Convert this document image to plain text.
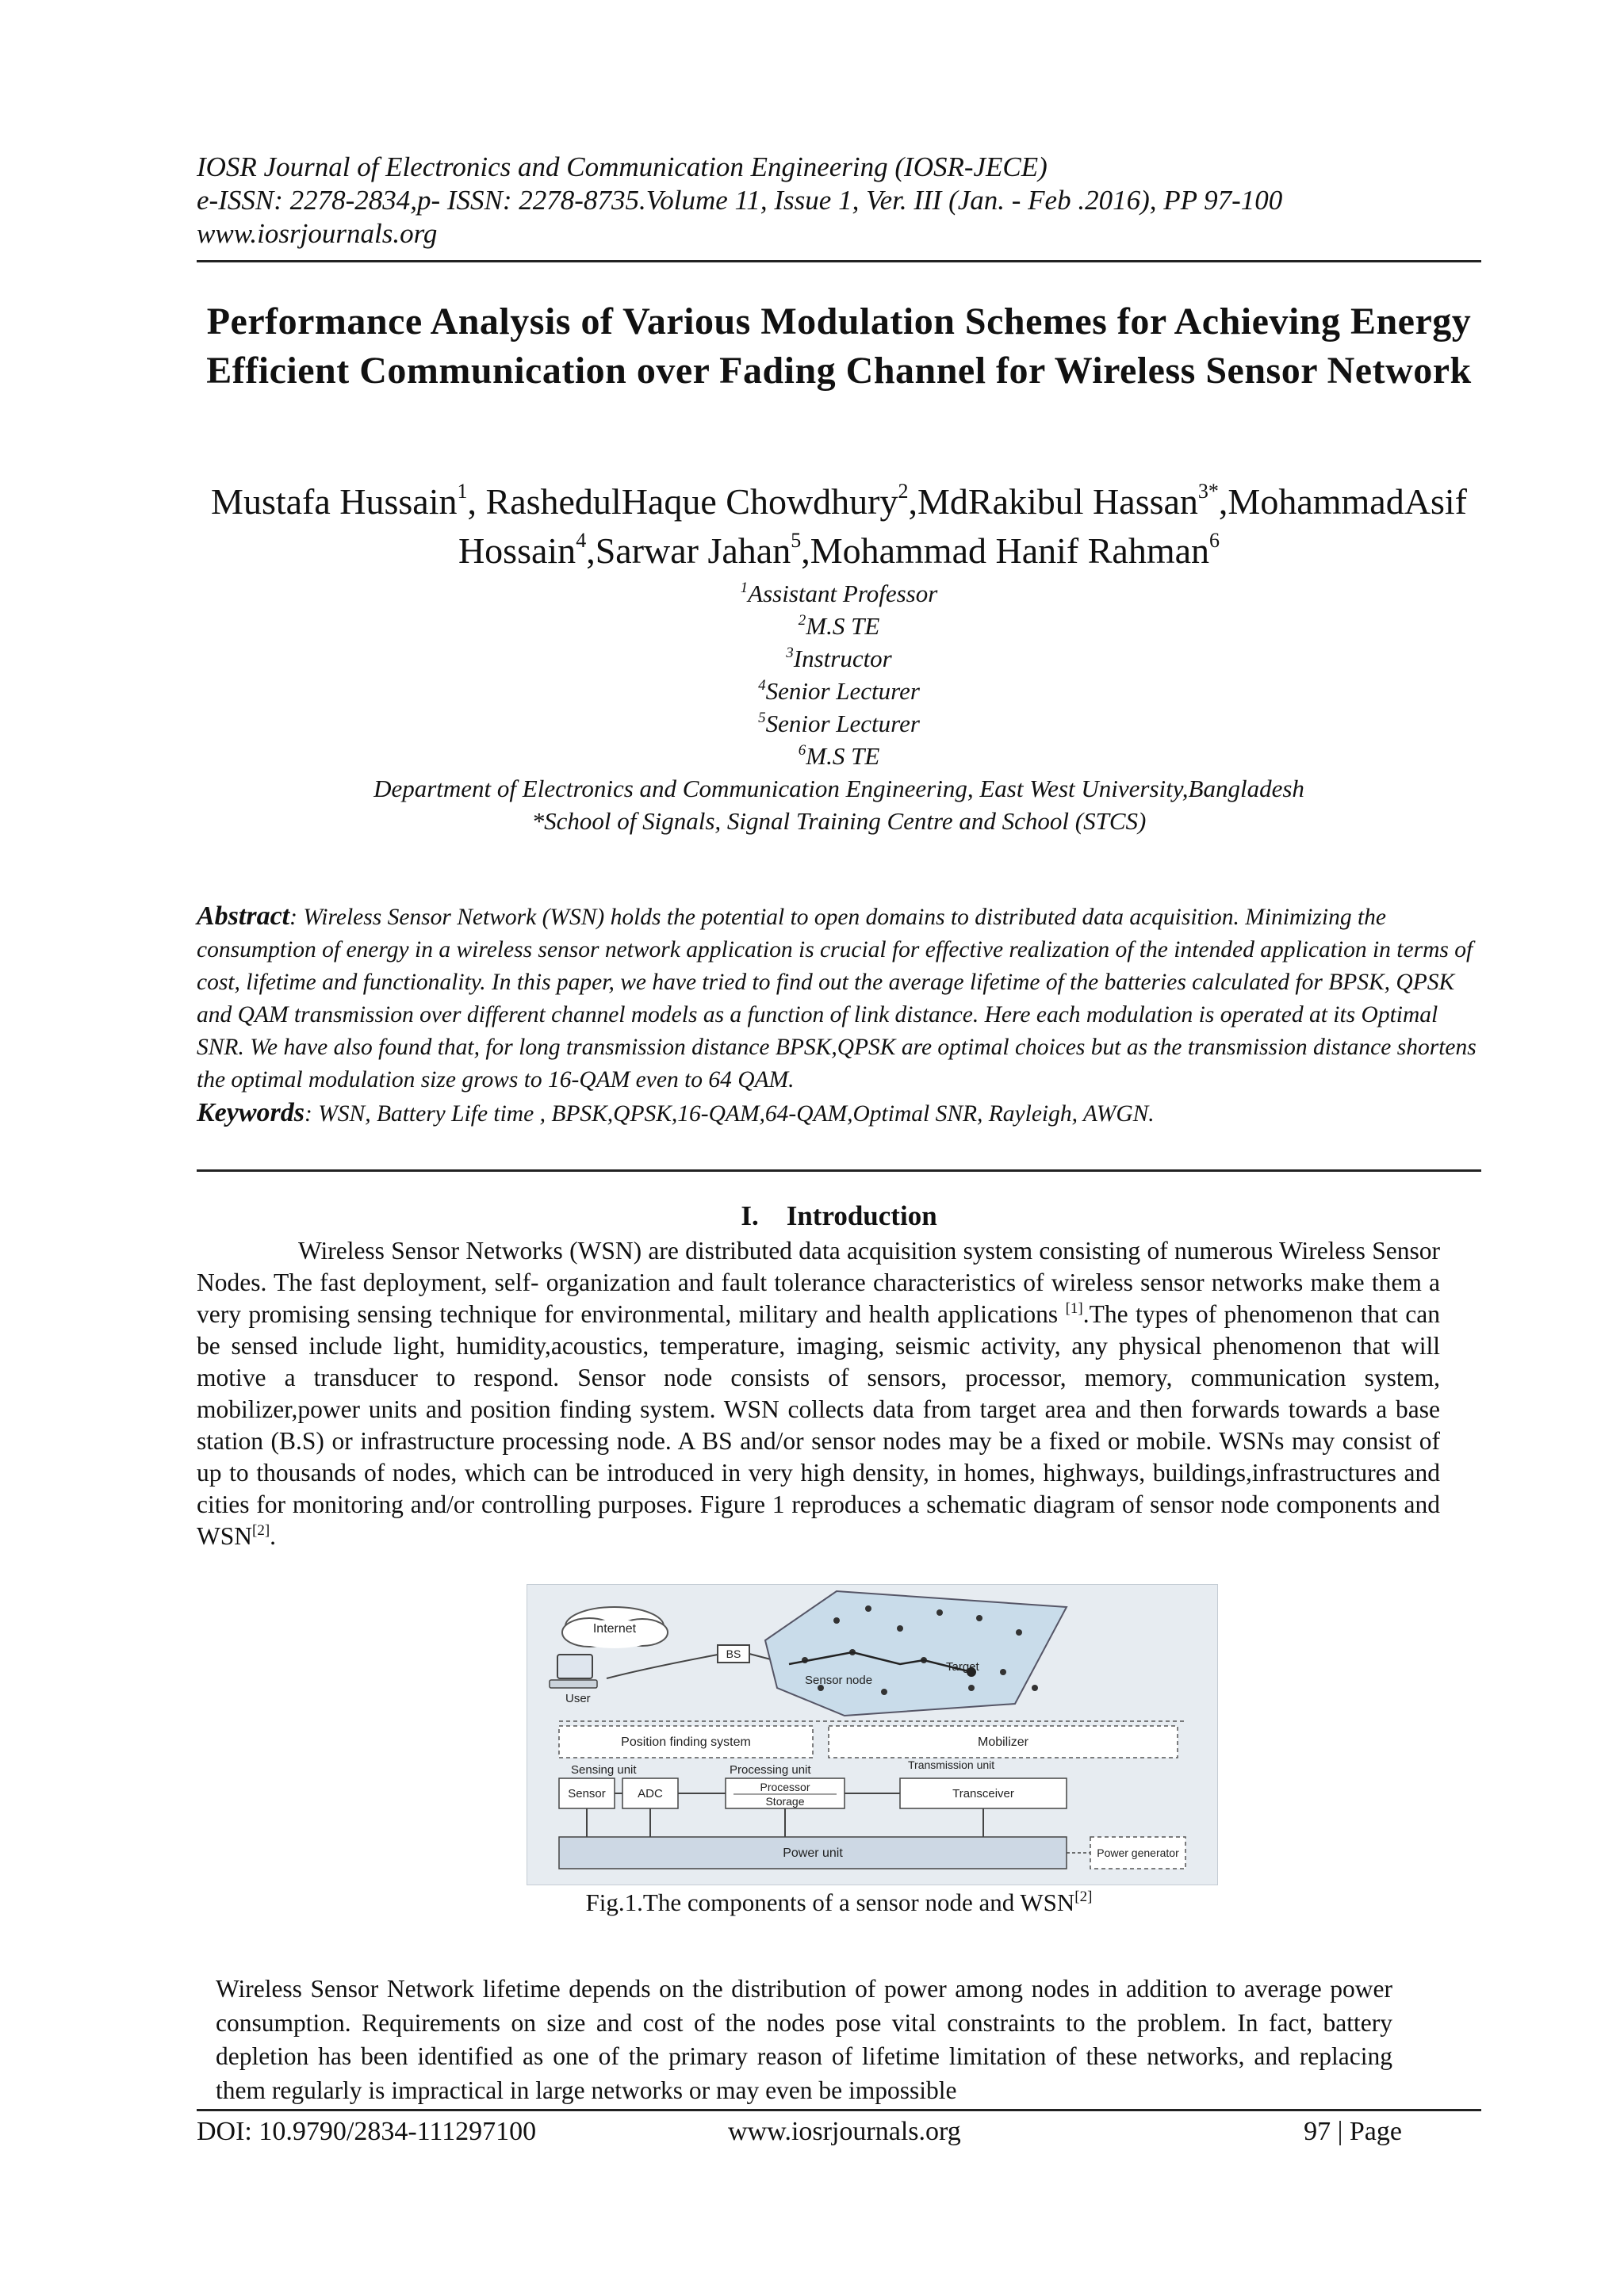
IOSR Journal of Electronics and Communication Engineering (IOSR-JECE)
e-ISSN: 2278-2834,p- ISSN: 2278-8735.Volume 11, Issue 1, Ver. III (Jan. - Feb .2016), PP 97-100
www.iosrjournals.org
Performance Analysis of Various Modulation Schemes for Achieving Energy Efficient Communication over Fading Channel for Wireless Sensor Network
Mustafa Hussain$^1$, RashedulHaque Chowdhury$^2$,MdRakibul Hassan$^{3*}$,MohammadAsif Hossain$^4$,Sarwar Jahan$^5$,Mohammad Hanif Rahman$^6$
$^1$Assistant Professor
$^2$M.S TE
$^3$Instructor
$^4$Senior Lecturer
$^5$Senior Lecturer
$^6$M.S TE
Department of Electronics and Communication Engineering, East West University,Bangladesh
*School of Signals, Signal Training Centre and School (STCS)
Abstract: Wireless Sensor Network (WSN) holds the potential to open domains to distributed data acquisition. Minimizing the consumption of energy in a wireless sensor network application is crucial for effective realization of the intended application in terms of cost, lifetime and functionality. In this paper, we have tried to find out the average lifetime of the batteries calculated for BPSK, QPSK and QAM transmission over different channel models as a function of link distance. Here each modulation is operated at its Optimal SNR. We have also found that, for long transmission distance BPSK,QPSK are optimal choices but as the transmission distance shortens the optimal modulation size grows to 16-QAM even to 64 QAM.
Keywords: WSN, Battery Life time , BPSK,QPSK,16-QAM,64-QAM,Optimal SNR, Rayleigh, AWGN.
I. Introduction
Wireless Sensor Networks (WSN) are distributed data acquisition system consisting of numerous Wireless Sensor Nodes. The fast deployment, self- organization and fault tolerance characteristics of wireless sensor networks make them a very promising sensing technique for environmental, military and health applications [1].The types of phenomenon that can be sensed include light, humidity,acoustics, temperature, imaging, seismic activity, any physical phenomenon that will motive a transducer to respond. Sensor node consists of sensors, processor, memory, communication system, mobilizer,power units and position finding system. WSN collects data from target area and then forwards towards a base station (B.S) or infrastructure processing node. A BS and/or sensor nodes may be a fixed or mobile. WSNs may consist of up to thousands of nodes, which can be introduced in very high density, in homes, highways, buildings,infrastructures and cities for monitoring and/or controlling purposes. Figure 1 reproduces a schematic diagram of sensor node components and WSN[2].
Internet
User
BS
Sensor node
Target
Position finding system	Mobilizer
Sensing unit	Processing unit	Transmission unit
Sensor	ADC	Processor
Storage
Transceiver
Power unit	Power generator
Fig.1.The components of a sensor node and WSN[2]
Wireless Sensor Network lifetime depends on the distribution of power among nodes in addition to average power consumption. Requirements on size and cost of the nodes pose vital constraints to the problem. In fact, battery depletion has been identified as one of the primary reason of lifetime limitation of these networks, and replacing them regularly is impractical in large networks or may even be impossible
DOI: 10.9790/2834-111297100	www.iosrjournals.org	97 | Page
